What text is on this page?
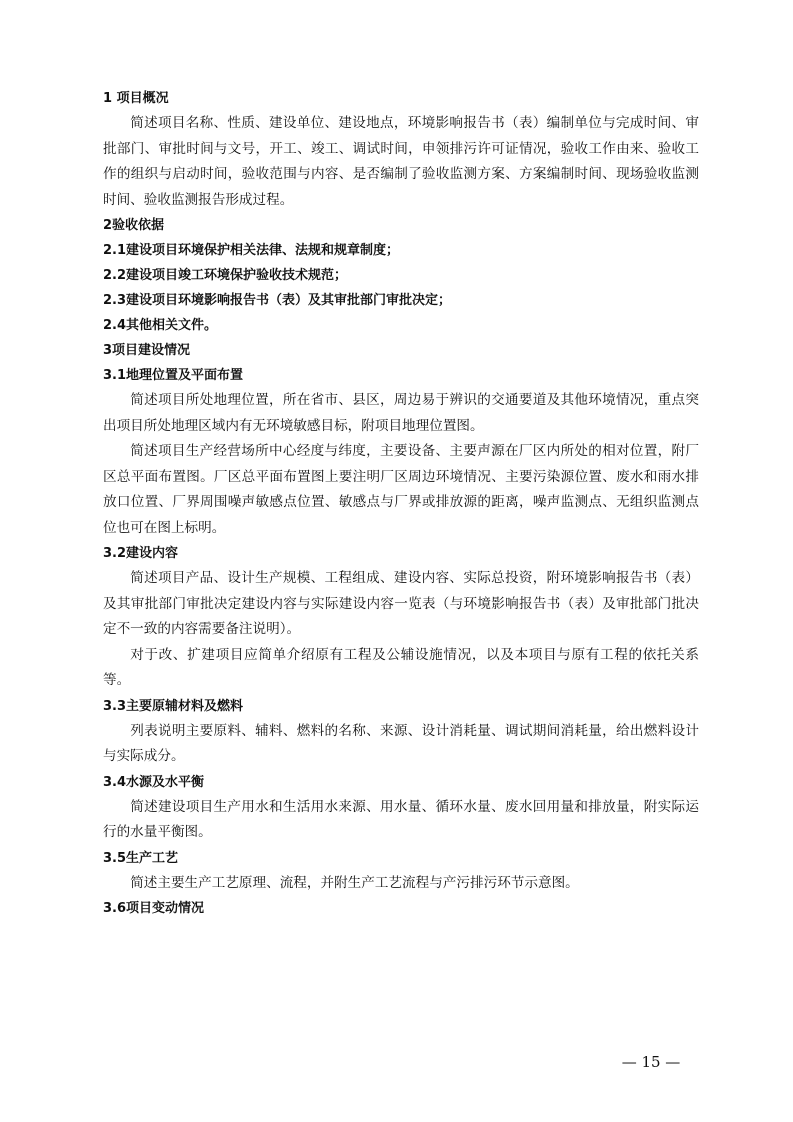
1 项目概况

简述项目名称、性质、建设单位、建设地点，环境影响报告书（表）编制单位与完成时间、审批部门、审批时间与文号，开工、竣工、调试时间，申领排污许可证情况，验收工作由来、验收工作的组织与启动时间，验收范围与内容、是否编制了验收监测方案、方案编制时间、现场验收监测时间、验收监测报告形成过程。

2验收依据
2.1建设项目环境保护相关法律、法规和规章制度；
2.2建设项目竣工环境保护验收技术规范；
2.3建设项目环境影响报告书（表）及其审批部门审批决定；
2.4其他相关文件。
3项目建设情况
3.1地理位置及平面布置

简述项目所处地理位置，所在省市、县区，周边易于辨识的交通要道及其他环境情况，重点突出项目所处地理区域内有无环境敏感目标，附项目地理位置图。

简述项目生产经营场所中心经度与纬度，主要设备、主要声源在厂区内所处的相对位置，附厂区总平面布置图。厂区总平面布置图上要注明厂区周边环境情况、主要污染源位置、废水和雨水排放口位置、厂界周围噪声敏感点位置、敏感点与厂界或排放源的距离，噪声监测点、无组织监测点位也可在图上标明。

3.2建设内容

简述项目产品、设计生产规模、工程组成、建设内容、实际总投资，附环境影响报告书（表）及其审批部门审批决定建设内容与实际建设内容一览表（与环境影响报告书（表）及审批部门批决定不一致的内容需要备注说明）。

对于改、扩建项目应简单介绍原有工程及公辅设施情况，以及本项目与原有工程的依托关系等。

3.3主要原辅材料及燃料

列表说明主要原料、辅料、燃料的名称、来源、设计消耗量、调试期间消耗量，给出燃料设计与实际成分。

3.4水源及水平衡

简述建设项目生产用水和生活用水来源、用水量、循环水量、废水回用量和排放量，附实际运行的水量平衡图。

3.5生产工艺

简述主要生产工艺原理、流程，并附生产工艺流程与产污排污环节示意图。

3.6项目变动情况
— 15 —
